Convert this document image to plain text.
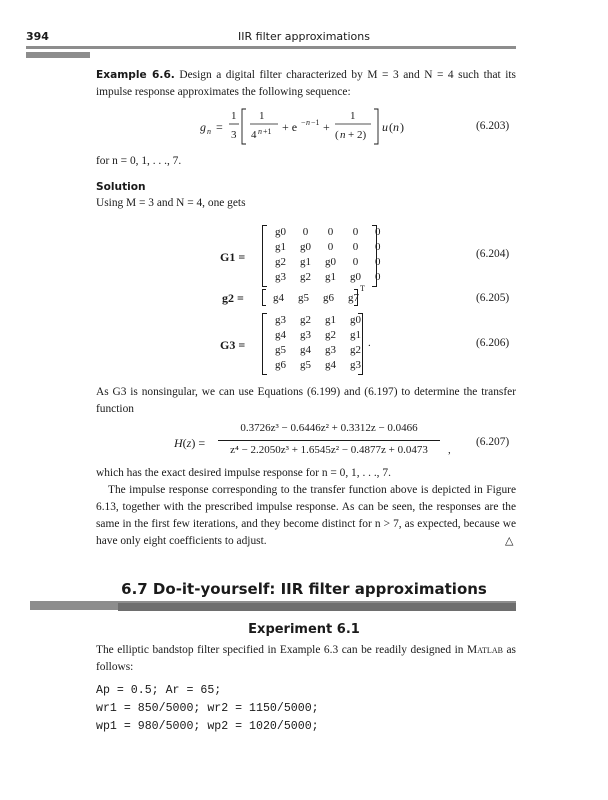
394	IIR filter approximations
Example 6.6. Design a digital filter characterized by M = 3 and N = 4 such that its impulse response approximates the following sequence:
g n =
1
3
1
4 n +1 + e − n −1 +
1
( n + 2)
u ( n )	(6.203)
for n = 0, 1, . . ., 7.
Solution
Using M = 3 and N = 4, one gets
G1 =
g0	0	0	0	0
g1	g0	0	0	0
g2	g1	g0	0	0
g3	g2	g1	g0	0
(6.204)
g2 =	g4	g5	g6	g7
T
(6.205)
G3 =
g3	g2	g1	g0
g4	g3	g2	g1
g5	g4	g3	g2
g6	g5	g4	g3
.	(6.206)
As G3 is nonsingular, we can use Equations (6.199) and (6.197) to determine the transfer function
H(z) =
0.3726z³ − 0.6446z² + 0.3312z − 0.0466
z⁴ − 2.2050z³ + 1.6545z² − 0.4877z + 0.0473	,
(6.207)
which has the exact desired impulse response for n = 0, 1, . . ., 7.
The impulse response corresponding to the transfer function above is depicted in Figure 6.13, together with the prescribed impulse response. As can be seen, the responses are the same in the first few iterations, and they become distinct for n > 7, as expected, because we have only eight coefficients to adjust.	△
6.7 Do-it-yourself: IIR filter approximations
Experiment 6.1
The elliptic bandstop filter specified in Example 6.3 can be readily designed in Matlab as follows:
Ap = 0.5; Ar = 65;
wr1 = 850/5000; wr2 = 1150/5000;
wp1 = 980/5000; wp2 = 1020/5000;
